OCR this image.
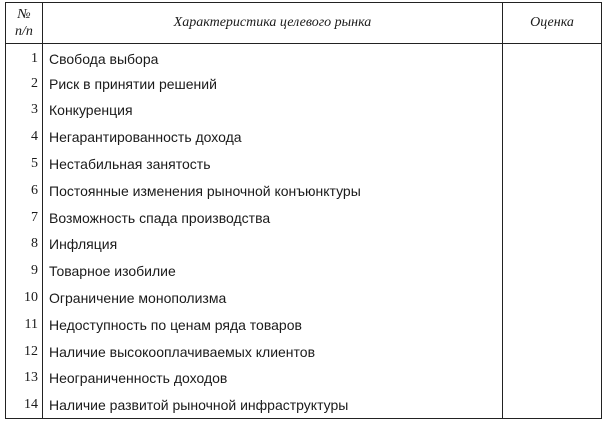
№
п/п	Характеристика целевого рынка	Оценка
1	Свобода выбора	
2	Риск в принятии решений	
3	Конкуренция	
4	Негарантированность дохода	
5	Нестабильная занятость	
6	Постоянные изменения рыночной конъюнктуры	
7	Возможность спада производства	
8	Инфляция	
9	Товарное изобилие	
10	Ограничение монополизма	
11	Недоступность по ценам ряда товаров	
12	Наличие высокооплачиваемых клиентов	
13	Неограниченность доходов	
14	Наличие развитой рыночной инфраструктуры	
